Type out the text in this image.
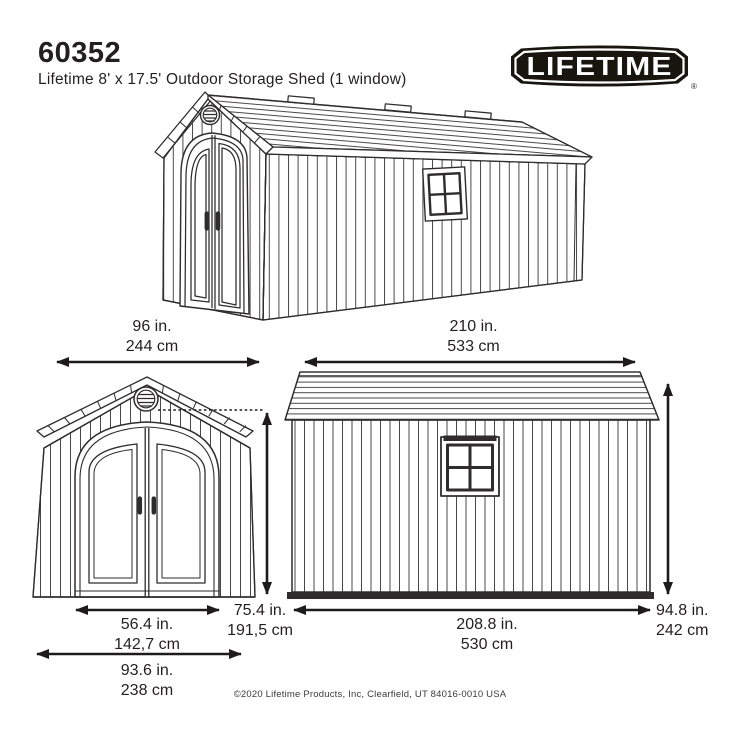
60352
Lifetime 8' x 17.5' Outdoor Storage Shed (1 window)	LIFETIME
®
96 in.
244 cm
210 in.
533 cm
56.4 in.
142,7 cm
75.4 in.
191,5 cm
93.6 in.
238 cm
208.8 in.
530 cm
94.8 in.
242 cm
©2020 Lifetime Products, Inc, Clearfield, UT 84016-0010 USA
